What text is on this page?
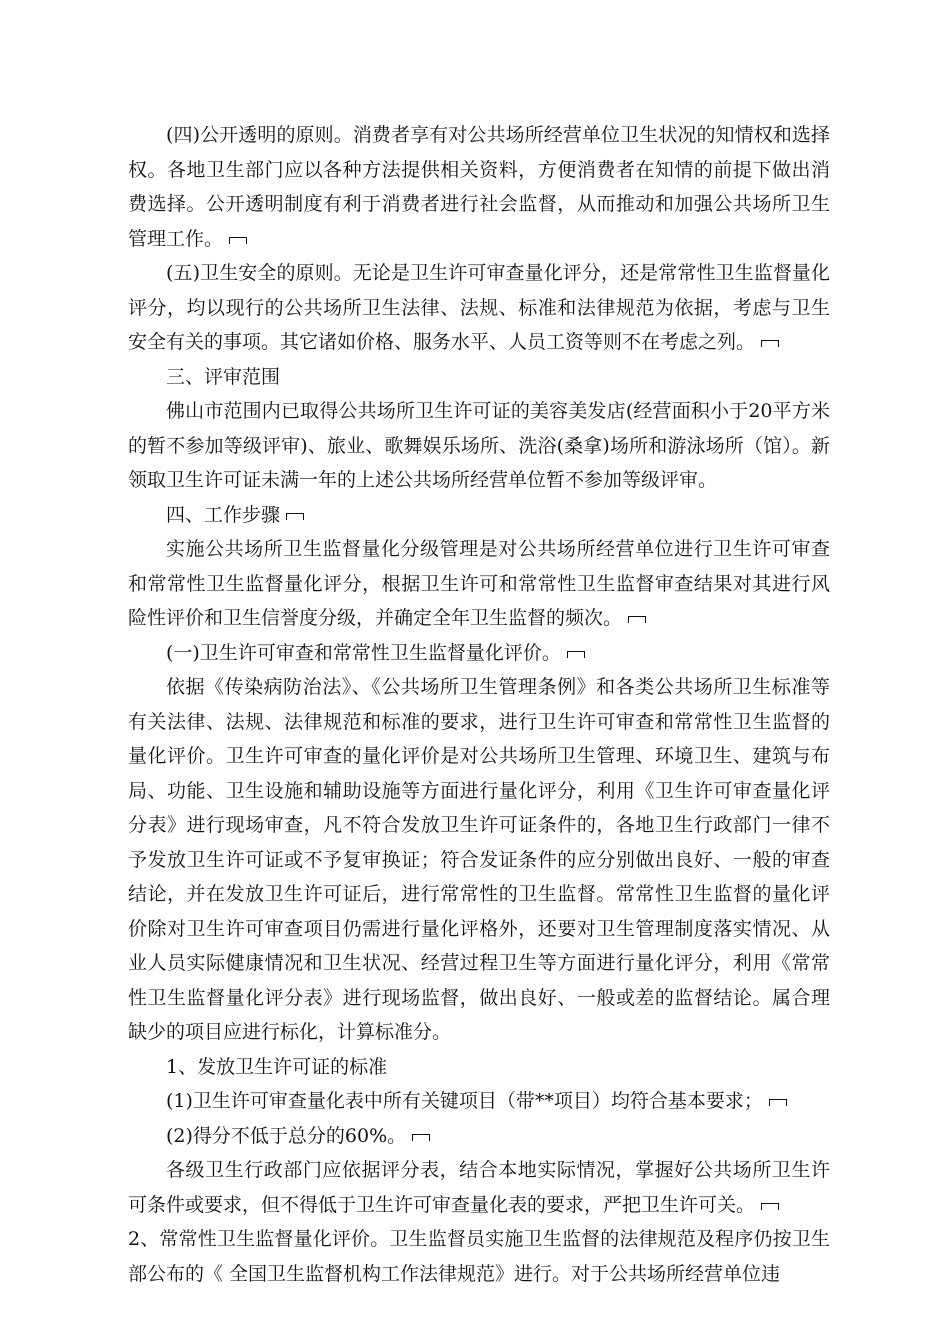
(四)公开透明的原则。消费者享有对公共场所经营单位卫生状况的知情权和选择权。各地卫生部门应以各种方法提供相关资料，方便消费者在知情的前提下做出消费选择。公开透明制度有利于消费者进行社会监督，从而推动和加强公共场所卫生管理工作。

(五)卫生安全的原则。无论是卫生许可审查量化评分，还是常常性卫生监督量化评分，均以现行的公共场所卫生法律、法规、标准和法律规范为依据，考虑与卫生安全有关的事项。其它诸如价格、服务水平、人员工资等则不在考虑之列。

三、评审范围

佛山市范围内已取得公共场所卫生许可证的美容美发店(经营面积小于20平方米的暂不参加等级评审)、旅业、歌舞娱乐场所、洗浴(桑拿)场所和游泳场所（馆）。新领取卫生许可证未满一年的上述公共场所经营单位暂不参加等级评审。

四、工作步骤

实施公共场所卫生监督量化分级管理是对公共场所经营单位进行卫生许可审查和常常性卫生监督量化评分，根据卫生许可和常常性卫生监督审查结果对其进行风险性评价和卫生信誉度分级，并确定全年卫生监督的频次。

(一)卫生许可审查和常常性卫生监督量化评价。

依据《传染病防治法》、《公共场所卫生管理条例》和各类公共场所卫生标准等有关法律、法规、法律规范和标准的要求，进行卫生许可审查和常常性卫生监督的量化评价。卫生许可审查的量化评价是对公共场所卫生管理、环境卫生、建筑与布局、功能、卫生设施和辅助设施等方面进行量化评分，利用《卫生许可审查量化评分表》进行现场审查，凡不符合发放卫生许可证条件的，各地卫生行政部门一律不予发放卫生许可证或不予复审换证；符合发证条件的应分别做出良好、一般的审查结论，并在发放卫生许可证后，进行常常性的卫生监督。常常性卫生监督的量化评价除对卫生许可审查项目仍需进行量化评格外，还要对卫生管理制度落实情况、从业人员实际健康情况和卫生状况、经营过程卫生等方面进行量化评分，利用《常常性卫生监督量化评分表》进行现场监督，做出良好、一般或差的监督结论。属合理缺少的项目应进行标化，计算标准分。

1、发放卫生许可证的标准

(1)卫生许可审查量化表中所有关键项目（带**项目）均符合基本要求；

(2)得分不低于总分的60%。

各级卫生行政部门应依据评分表，结合本地实际情况，掌握好公共场所卫生许可条件或要求，但不得低于卫生许可审查量化表的要求，严把卫生许可关。

2、常常性卫生监督量化评价。卫生监督员实施卫生监督的法律规范及程序仍按卫生部公布的《 全国卫生监督机构工作法律规范》进行。对于公共场所经营单位违
